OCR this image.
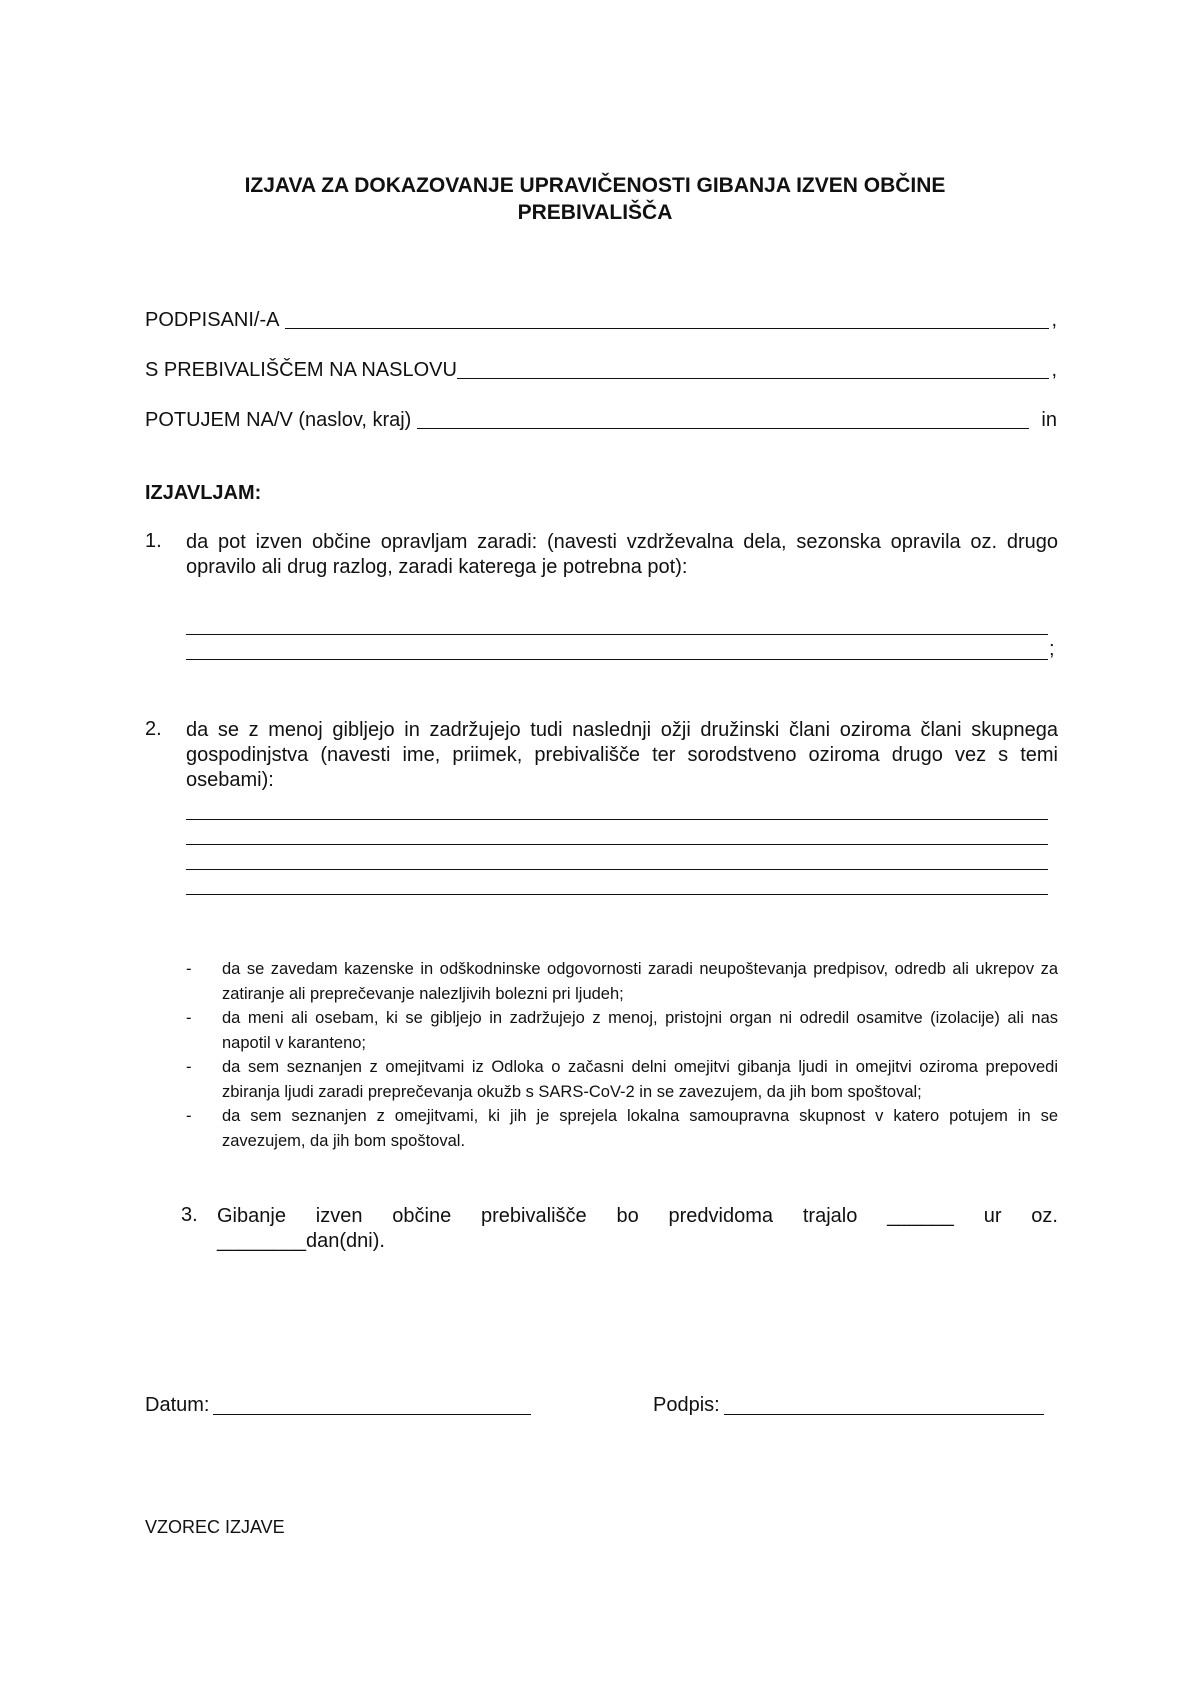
IZJAVA ZA DOKAZOVANJE UPRAVIČENOSTI GIBANJA IZVEN OBČINE
PREBIVALIŠČA
PODPISANI/-A	,
S PREBIVALIŠČEM NA NASLOVU	,
POTUJEM NA/V (naslov, kraj)	in
IZJAVLJAM:
1. da pot izven občine opravljam zaradi: (navesti vzdrževalna dela, sezonska opravila oz. drugo opravilo ali drug razlog, zaradi katerega je potrebna pot):
;
2. da se z menoj gibljejo in zadržujejo tudi naslednji ožji družinski člani oziroma člani skupnega gospodinjstva (navesti ime, priimek, prebivališče ter sorodstveno oziroma drugo vez s temi osebami):
- da se zavedam kazenske in odškodninske odgovornosti zaradi neupoštevanja predpisov, odredb ali ukrepov za zatiranje ali preprečevanje nalezljivih bolezni pri ljudeh;
- da meni ali osebam, ki se gibljejo in zadržujejo z menoj, pristojni organ ni odredil osamitve (izolacije) ali nas napotil v karanteno;
- da sem seznanjen z omejitvami iz Odloka o začasni delni omejitvi gibanja ljudi in omejitvi oziroma prepovedi zbiranja ljudi zaradi preprečevanja okužb s SARS-CoV-2 in se zavezujem, da jih bom spoštoval;
- da sem seznanjen z omejitvami, ki jih je sprejela lokalna samoupravna skupnost v katero potujem in se zavezujem, da jih bom spoštoval.
3. Gibanje izven občine prebivališče bo predvidoma trajalo ______ ur oz.
________dan(dni).
Datum:	Podpis:
VZOREC IZJAVE
